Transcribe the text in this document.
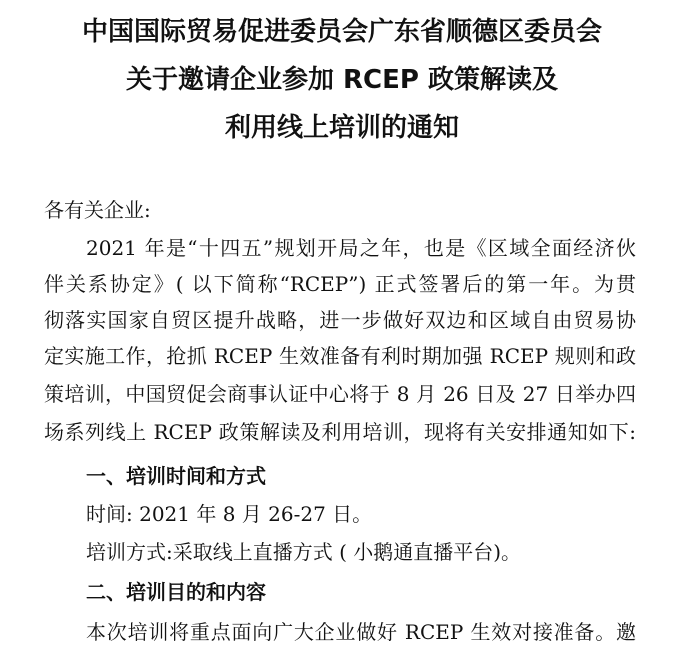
中国国际贸易促进委员会广东省顺德区委员会
关于邀请企业参加 RCEP 政策解读及
利用线上培训的通知
各有关企业:
2021 年是“十四五”规划开局之年，也是《区域全面经济伙
伴关系协定》( 以下简称“RCEP”) 正式签署后的第一年。为贯
彻落实国家自贸区提升战略，进一步做好双边和区域自由贸易协
定实施工作，抢抓 RCEP 生效准备有利时期加强 RCEP 规则和政
策培训，中国贸促会商事认证中心将于 8 月 26 日及 27 日举办四
场系列线上 RCEP 政策解读及利用培训，现将有关安排通知如下:
一、培训时间和方式
时间: 2021 年 8 月 26-27 日。
培训方式:采取线上直播方式 ( 小鹅通直播平台)。
二、培训目的和内容
本次培训将重点面向广大企业做好 RCEP 生效对接准备。邀
